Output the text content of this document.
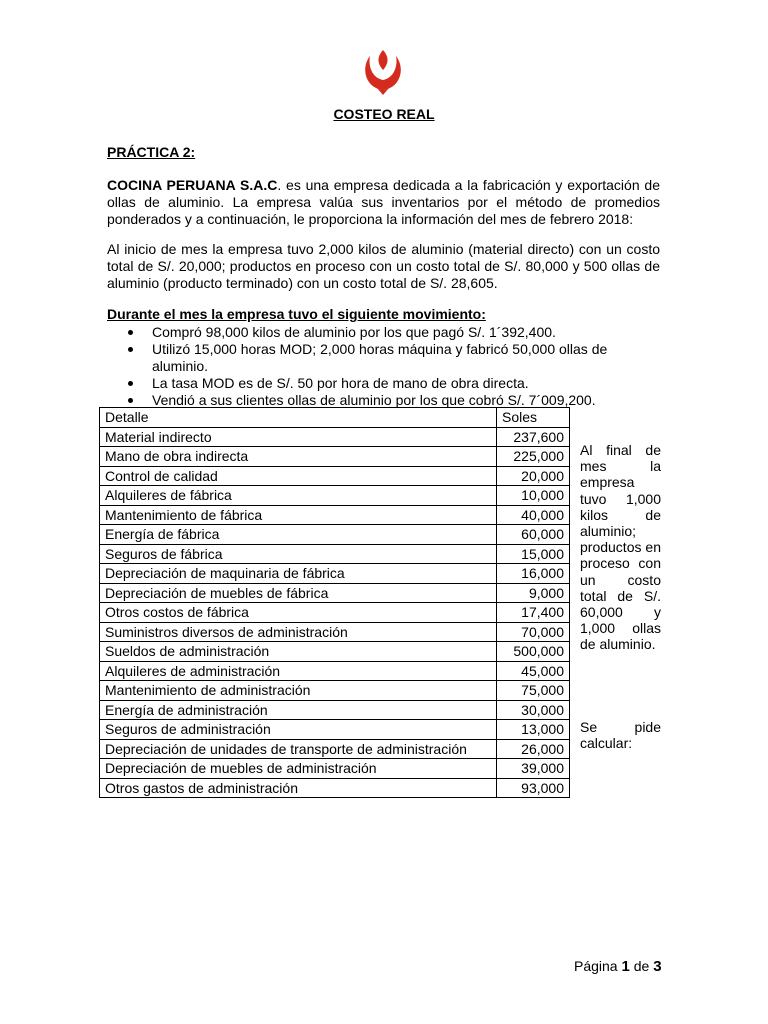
COSTEO REAL
PRÁCTICA 2:

COCINA PERUANA S.A.C. es una empresa dedicada a la fabricación y exportación de ollas de aluminio. La empresa valúa sus inventarios por el método de promedios ponderados y a continuación, le proporciona la información del mes de febrero 2018:

Al inicio de mes la empresa tuvo 2,000 kilos de aluminio (material directo) con un costo total de S/. 20,000; productos en proceso con un costo total de S/. 80,000 y 500 ollas de aluminio (producto terminado) con un costo total de S/. 28,605.

Durante el mes la empresa tuvo el siguiente movimiento:
Compró 98,000 kilos de aluminio por los que pagó S/. 1´392,400.
Utilizó 15,000 horas MOD; 2,000 horas máquina y fabricó 50,000 ollas de aluminio.
La tasa MOD es de S/. 50 por hora de mano de obra directa.
Vendió a sus clientes ollas de aluminio por los que cobró S/. 7´009,200.
Detalle	Soles
Material indirecto	237,600
Mano de obra indirecta	225,000
Control de calidad	20,000
Alquileres de fábrica	10,000
Mantenimiento de fábrica	40,000
Energía de fábrica	60,000
Seguros de fábrica	15,000
Depreciación de maquinaria de fábrica	16,000
Depreciación de muebles de fábrica	9,000
Otros costos de fábrica	17,400
Suministros diversos de administración	70,000
Sueldos de administración	500,000
Alquileres de administración	45,000
Mantenimiento de administración	75,000
Energía de administración	30,000
Seguros de administración	13,000
Depreciación de unidades de transporte de administración	26,000
Depreciación de muebles de administración	39,000
Otros gastos de administración	93,000

Al final de mes la empresa tuvo 1,000 kilos de aluminio; productos en proceso con un costo total de S/. 60,000 y 1,000 ollas de aluminio.

Se pide calcular:

Página 1 de 3
